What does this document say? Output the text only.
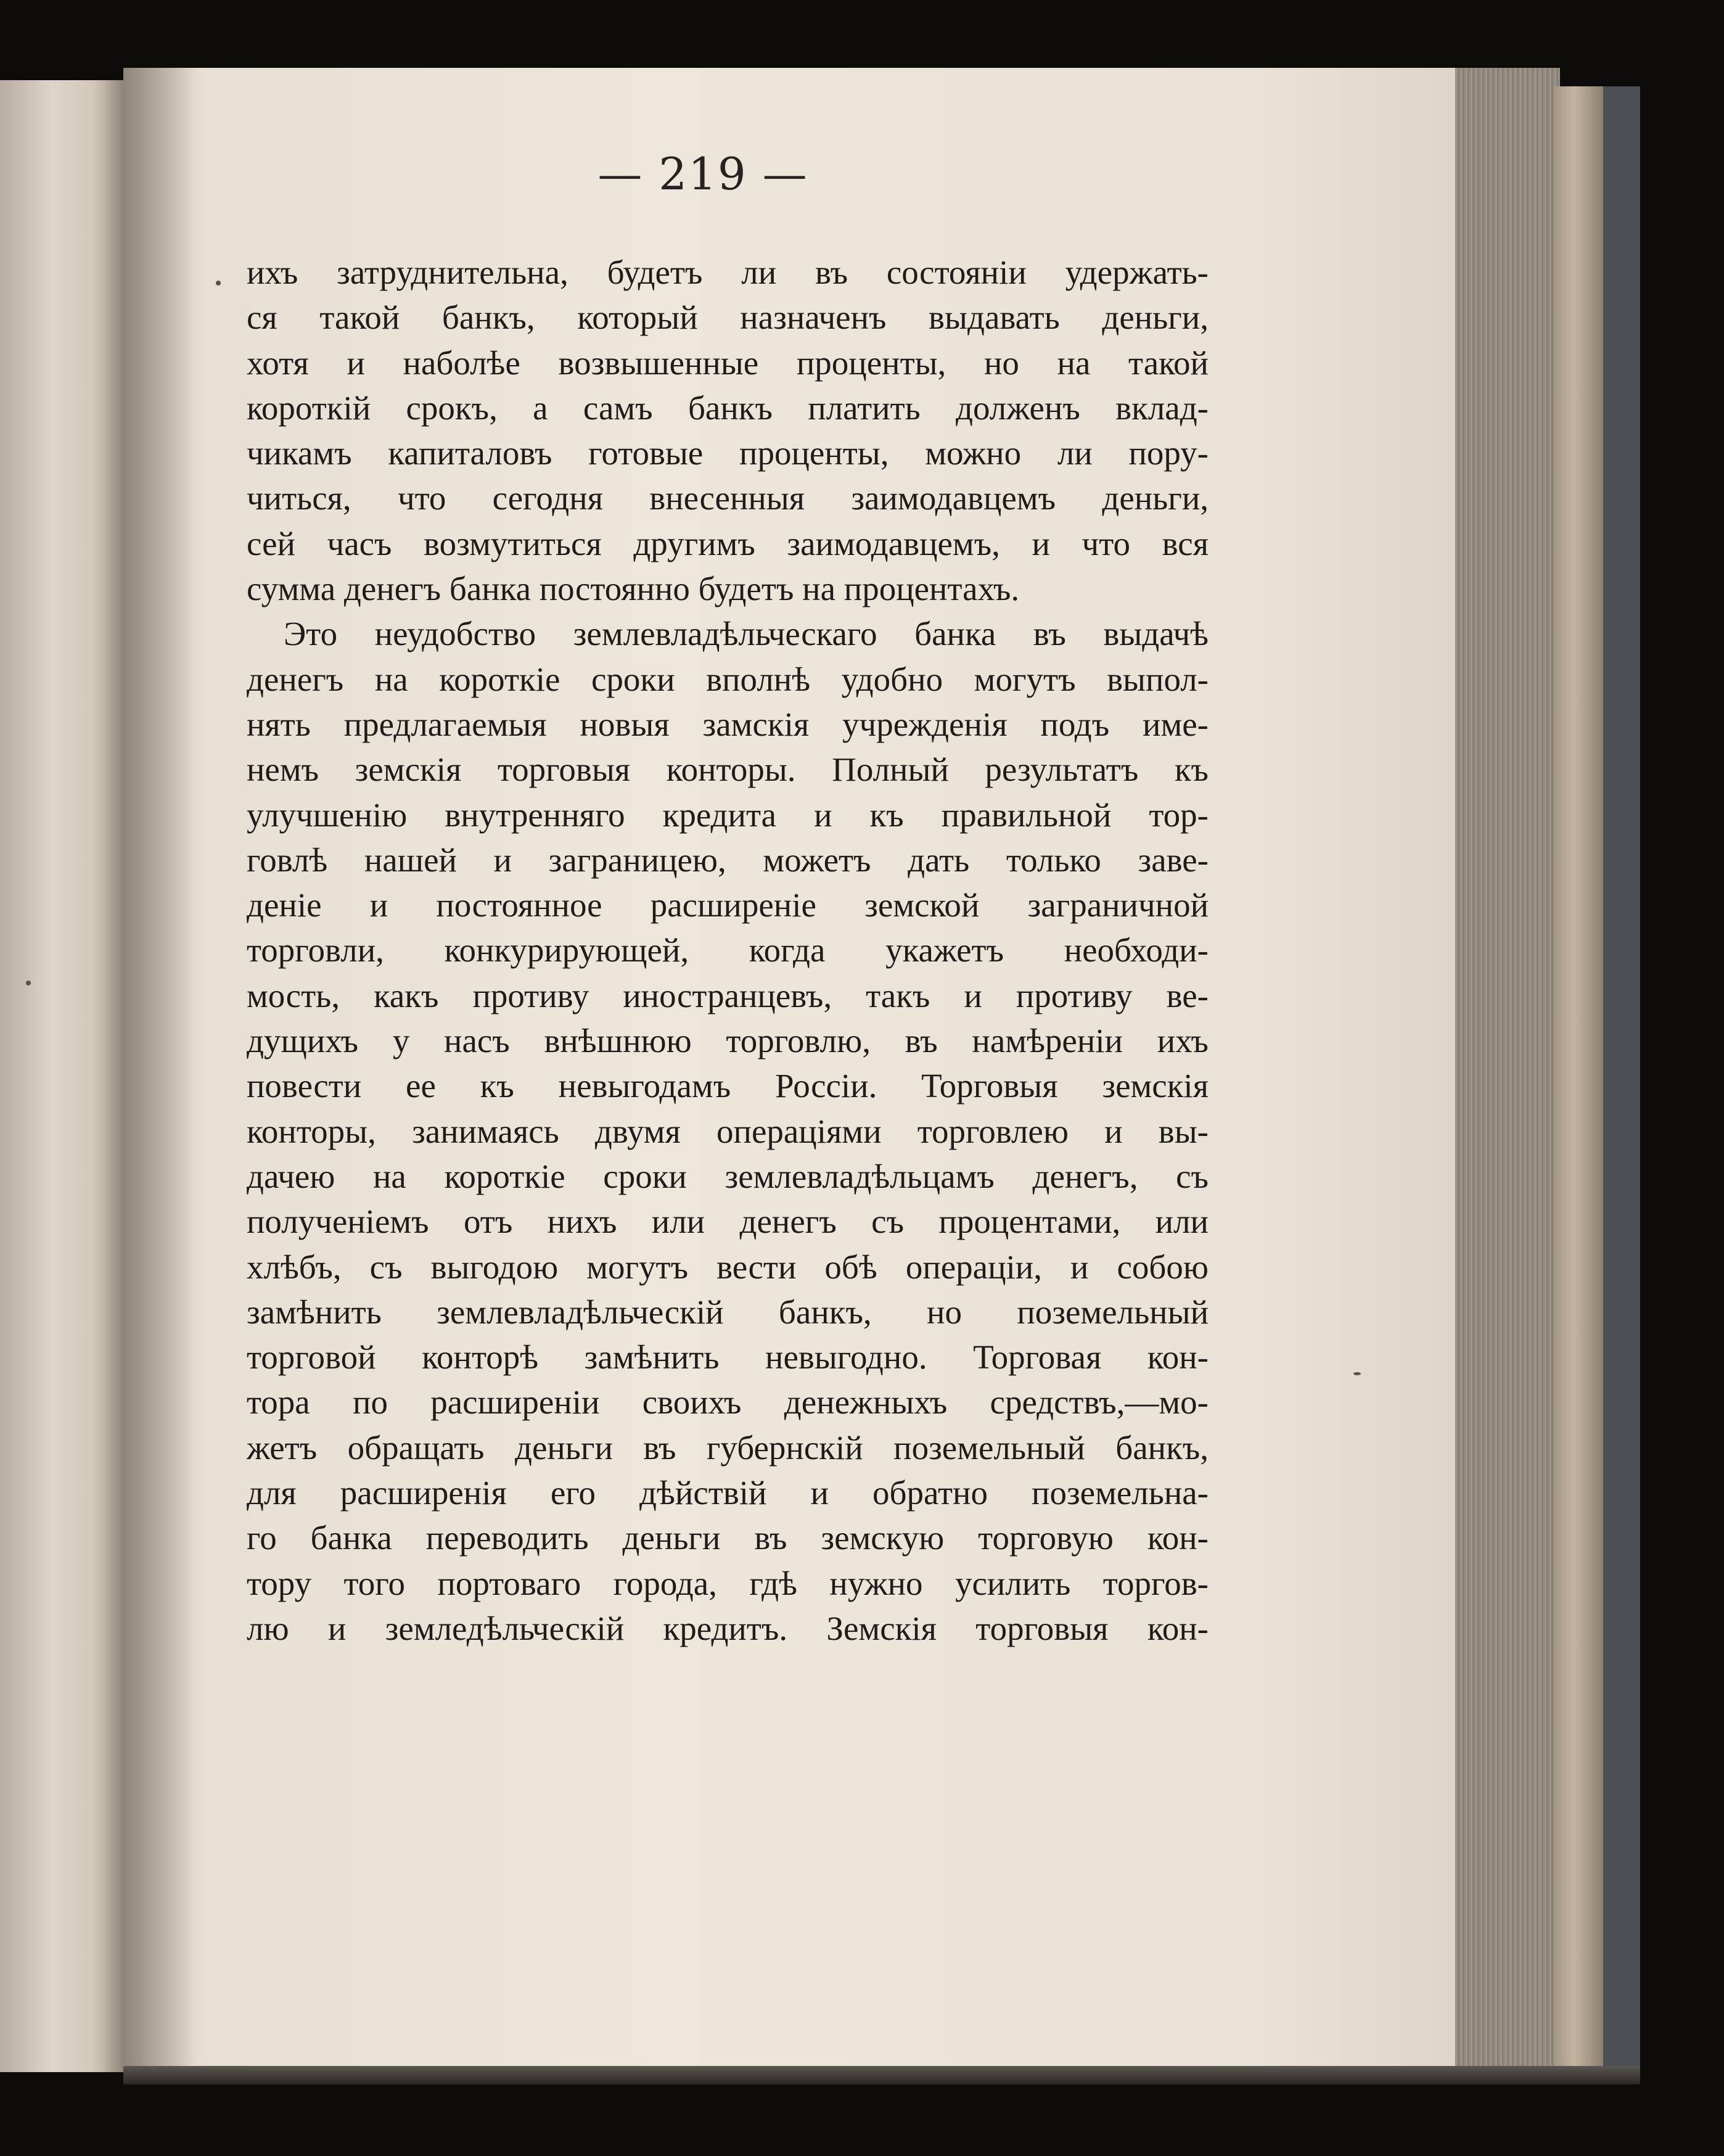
— 219 —
ихъ затруднительна, будетъ ли въ состояніи удержать-
ся такой банкъ, который назначенъ выдавать деньги,
хотя и наболѣе возвышенные проценты, но на такой
короткій срокъ, а самъ банкъ платить долженъ вклад-
чикамъ капиталовъ готовые проценты, можно ли пору-
читься, что сегодня внесенныя заимодавцемъ деньги,
сей часъ возмутиться другимъ заимодавцемъ, и что вся
сумма денегъ банка постоянно будетъ на процентахъ.
Это неудобство землевладѣльческаго банка въ выдачѣ
денегъ на короткіе сроки вполнѣ удобно могутъ выпол-
нять предлагаемыя новыя замскія учрежденія подъ име-
немъ земскія торговыя конторы. Полный результатъ къ
улучшенію внутренняго кредита и къ правильной тор-
говлѣ нашей и заграницею, можетъ дать только заве-
деніе и постоянное расширеніе земской заграничной
торговли, конкурирующей, когда укажетъ необходи-
мость, какъ противу иностранцевъ, такъ и противу ве-
дущихъ у насъ внѣшнюю торговлю, въ намѣреніи ихъ
повести ее къ невыгодамъ Россіи. Торговыя земскія
конторы, занимаясь двумя операціями торговлею и вы-
дачею на короткіе сроки землевладѣльцамъ денегъ, съ
полученіемъ отъ нихъ или денегъ съ процентами, или
хлѣбъ, съ выгодою могутъ вести обѣ операціи, и собою
замѣнить землевладѣльческій банкъ, но поземельный
торговой конторѣ замѣнить невыгодно. Торговая кон-
тора по расширеніи своихъ денежныхъ средствъ,—мо-
жетъ обращать деньги въ губернскій поземельный банкъ,
для расширенія его дѣйствій и обратно поземельна-
го банка переводить деньги въ земскую торговую кон-
тору того портоваго города, гдѣ нужно усилить торгов-
лю и земледѣльческій кредитъ. Земскія торговыя кон-
